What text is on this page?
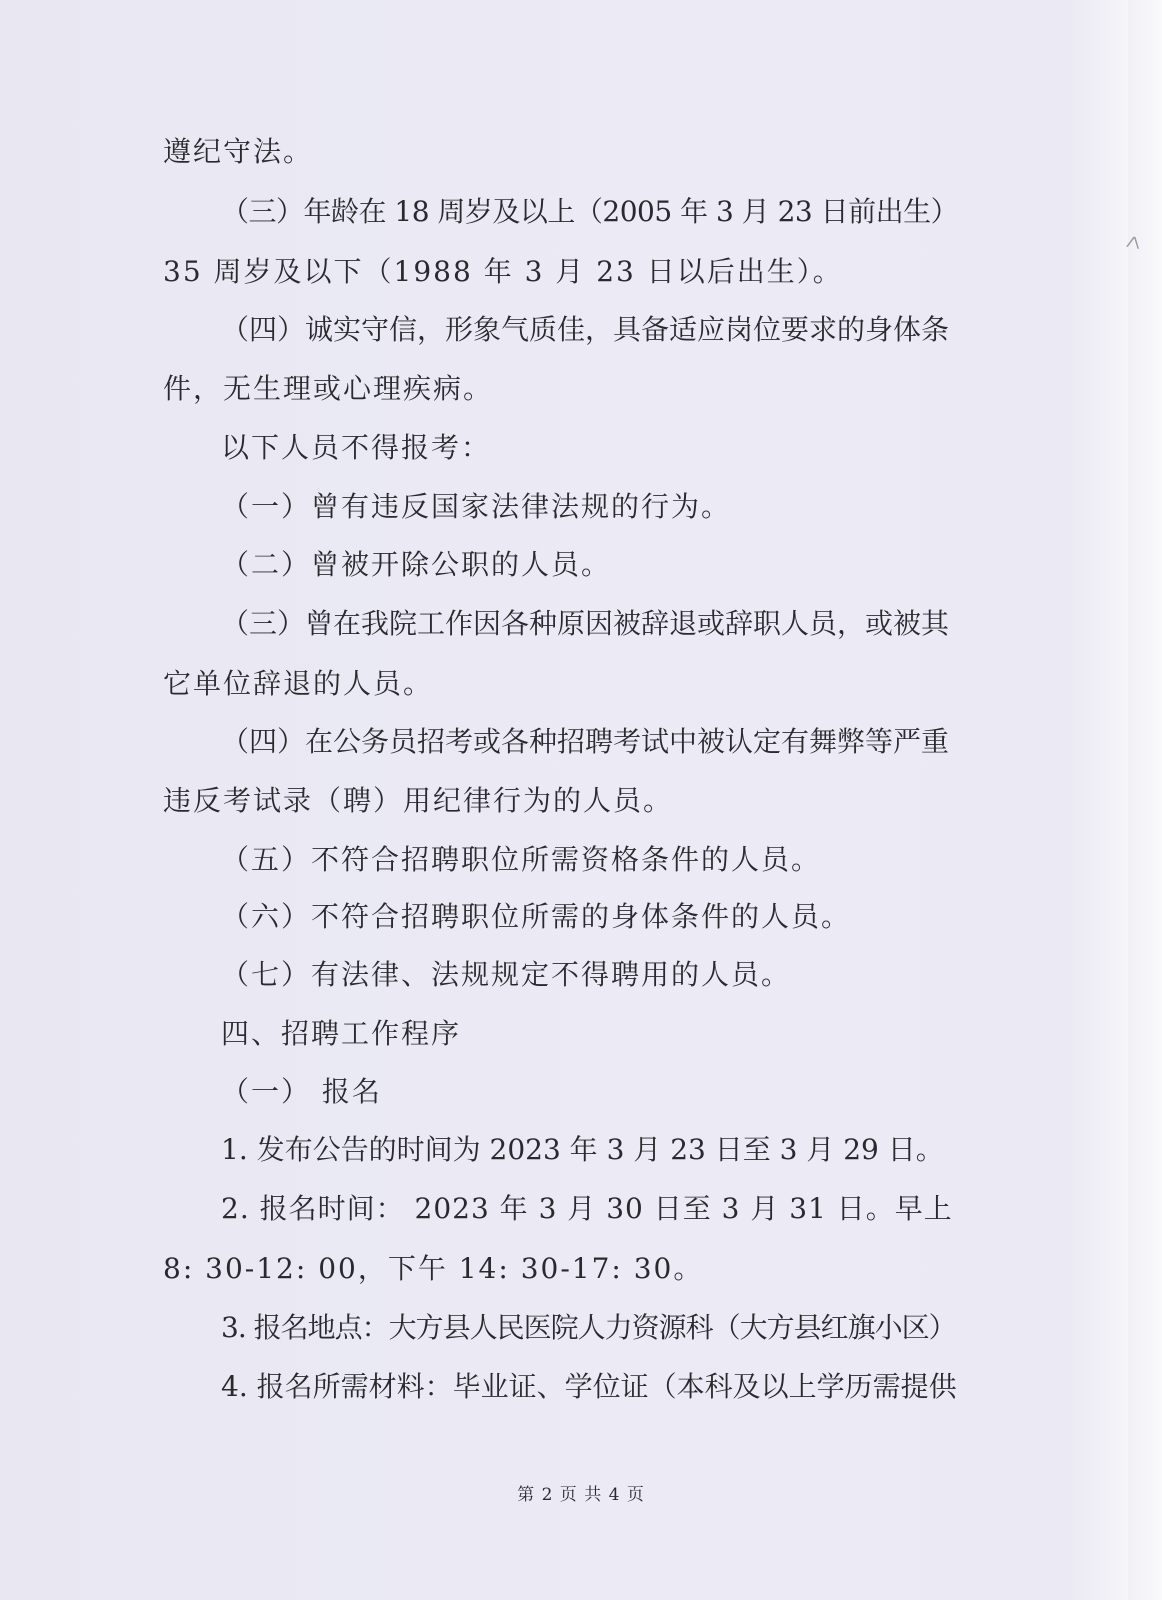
ᐳ
遵纪守法。
（三）年龄在 18 周岁及以上（2005 年 3 月 23 日前出生）
35 周岁及以下（1988 年 3 月 23 日以后出生）。
（四）诚实守信，形象气质佳，具备适应岗位要求的身体条
件，无生理或心理疾病。
以下人员不得报考：
（一）曾有违反国家法律法规的行为。
（二）曾被开除公职的人员。
（三）曾在我院工作因各种原因被辞退或辞职人员，或被其
它单位辞退的人员。
（四）在公务员招考或各种招聘考试中被认定有舞弊等严重
违反考试录（聘）用纪律行为的人员。
（五）不符合招聘职位所需资格条件的人员。
（六）不符合招聘职位所需的身体条件的人员。
（七）有法律、法规规定不得聘用的人员。
四、招聘工作程序
（一） 报名
1. 发布公告的时间为 2023 年 3 月 23 日至 3 月 29 日。
2. 报名时间： 2023 年 3 月 30 日至 3 月 31 日。早上
8: 30-12: 00，下午 14: 30-17: 30。
3. 报名地点：大方县人民医院人力资源科（大方县红旗小区）
4. 报名所需材料：毕业证、学位证（本科及以上学历需提供
第 2 页 共 4 页
